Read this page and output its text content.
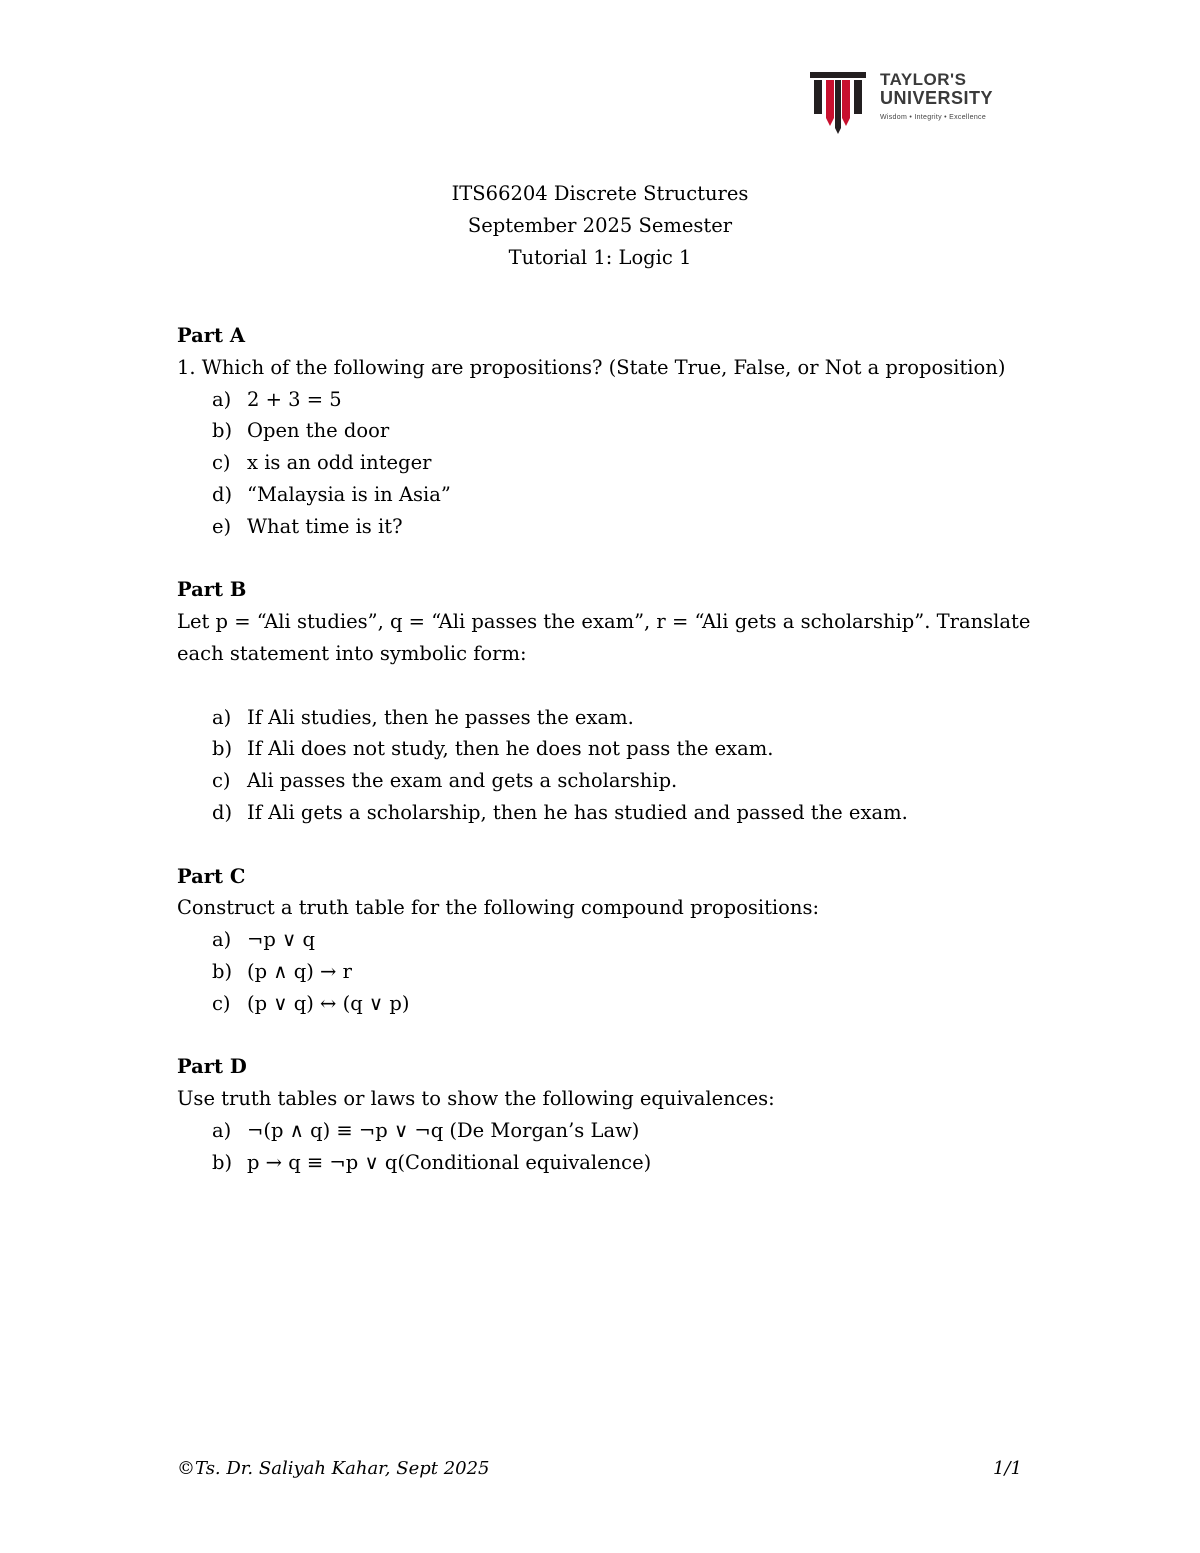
TAYLOR'S
UNIVERSITY
Wisdom • Integrity • Excellence
ITS66204 Discrete Structures
September 2025 Semester
Tutorial 1: Logic 1
Part A
1. Which of the following are propositions? (State True, False, or Not a proposition)
a) 2 + 3 = 5
b) Open the door
c) x is an odd integer
d) “Malaysia is in Asia”
e) What time is it?
Part B
Let p = “Ali studies”, q = “Ali passes the exam”, r = “Ali gets a scholarship”. Translate
each statement into symbolic form:
a) If Ali studies, then he passes the exam.
b) If Ali does not study, then he does not pass the exam.
c) Ali passes the exam and gets a scholarship.
d) If Ali gets a scholarship, then he has studied and passed the exam.
Part C
Construct a truth table for the following compound propositions:
a) ¬p ∨ q
b) (p ∧ q) → r
c) (p ∨ q) ↔ (q ∨ p)
Part D
Use truth tables or laws to show the following equivalences:
a) ¬(p ∧ q) ≡ ¬p ∨ ¬q (De Morgan’s Law)
b) p → q ≡ ¬p ∨ q(Conditional equivalence)
©Ts. Dr. Saliyah Kahar, Sept 2025	1/1
